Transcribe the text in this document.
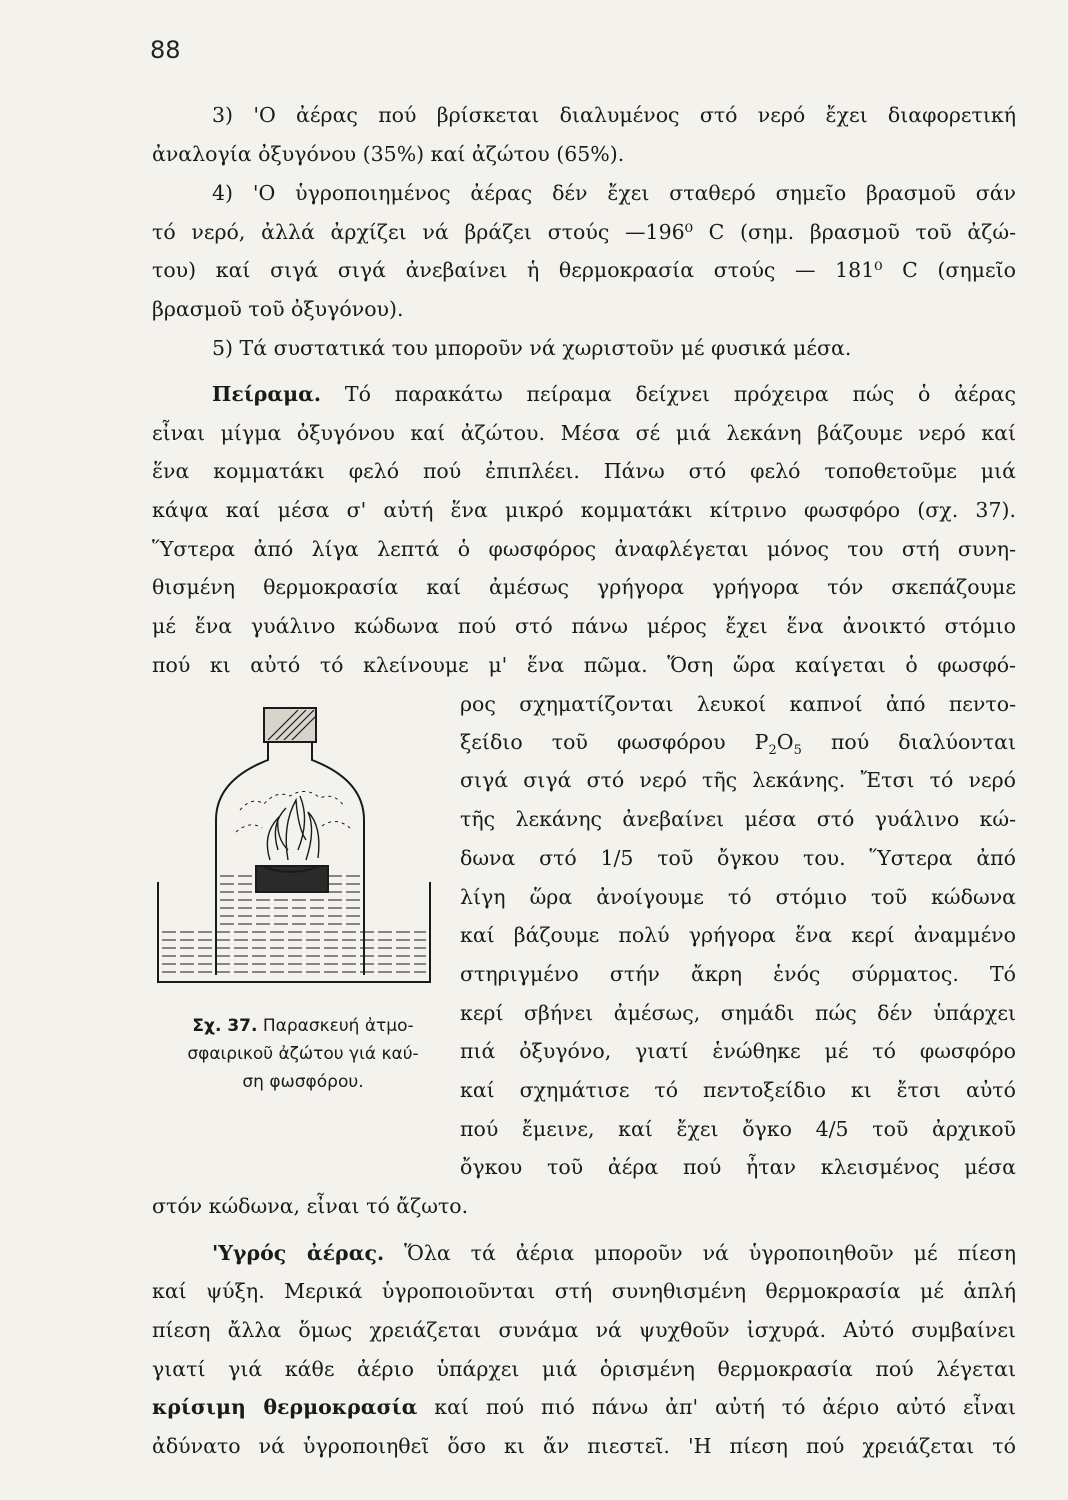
88
3) 'Ο ἀέρας πού βρίσκεται διαλυμένος στό νερό ἔχει διαφορετική
ἀναλογία ὀξυγόνου (35%) καί ἀζώτου (65%).
4) 'Ο ὑγροποιημένος ἀέρας δέν ἔχει σταθερό σημεῖο βρασμοῦ σάν
τό νερό, ἀλλά ἀρχίζει νά βράζει στούς —196⁰ C (σημ. βρασμοῦ τοῦ ἀζώ-
του) καί σιγά σιγά ἀνεβαίνει ἡ θερμοκρασία στούς — 181⁰ C (σημεῖο
βρασμοῦ τοῦ ὀξυγόνου).
5) Τά συστατικά του μποροῦν νά χωριστοῦν μέ φυσικά μέσα.
Πείραμα. Τό παρακάτω πείραμα δείχνει πρόχειρα πώς ὁ ἀέρας
εἶναι μίγμα ὀξυγόνου καί ἀζώτου. Μέσα σέ μιά λεκάνη βάζουμε νερό καί
ἕνα κομματάκι φελό πού ἐπιπλέει. Πάνω στό φελό τοποθετοῦμε μιά
κάψα καί μέσα σ' αὐτή ἕνα μικρό κομματάκι κίτρινο φωσφόρο (σχ. 37).
Ὕστερα ἀπό λίγα λεπτά ὁ φωσφόρος ἀναφλέγεται μόνος του στή συνη-
θισμένη θερμοκρασία καί ἀμέσως γρήγορα γρήγορα τόν σκεπάζουμε
μέ ἕνα γυάλινο κώδωνα πού στό πάνω μέρος ἔχει ἕνα ἀνοικτό στόμιο
πού κι αὐτό τό κλείνουμε μ' ἕνα πῶμα. Ὅση ὥρα καίγεται ὁ φωσφό-
ρος σχηματίζονται λευκοί καπνοί ἀπό πεντο-
ξείδιο τοῦ φωσφόρου $P_2O_5$ πού διαλύονται
σιγά σιγά στό νερό τῆς λεκάνης. Ἔτσι τό νερό
τῆς λεκάνης ἀνεβαίνει μέσα στό γυάλινο κώ-
δωνα στό 1/5 τοῦ ὄγκου του. Ὕστερα ἀπό
λίγη ὥρα ἀνοίγουμε τό στόμιο τοῦ κώδωνα
καί βάζουμε πολύ γρήγορα ἕνα κερί ἀναμμένο
στηριγμένο στήν ἄκρη ἑνός σύρματος. Τό
κερί σβήνει ἀμέσως, σημάδι πώς δέν ὑπάρχει
πιά ὀξυγόνο, γιατί ἑνώθηκε μέ τό φωσφόρο
καί σχημάτισε τό πεντοξείδιο κι ἔτσι αὐτό
πού ἔμεινε, καί ἔχει ὄγκο 4/5 τοῦ ἀρχικοῦ
ὄγκου τοῦ ἀέρα πού ἦταν κλεισμένος μέσα
στόν κώδωνα, εἶναι τό ἄζωτο.
'Υγρός ἀέρας. Ὅλα τά ἀέρια μποροῦν νά ὑγροποιηθοῦν μέ πίεση
καί ψύξη. Μερικά ὑγροποιοῦνται στή συνηθισμένη θερμοκρασία μέ ἁπλή
πίεση ἄλλα ὅμως χρειάζεται συνάμα νά ψυχθοῦν ἰσχυρά. Αὐτό συμβαίνει
γιατί γιά κάθε ἀέριο ὑπάρχει μιά ὁρισμένη θερμοκρασία πού λέγεται
κρίσιμη θερμοκρασία καί πού πιό πάνω ἀπ' αὐτή τό ἀέριο αὐτό εἶναι
ἀδύνατο νά ὑγροποιηθεῖ ὅσο κι ἄν πιεστεῖ. 'Η πίεση πού χρειάζεται τό
Σχ. 37. Παρασκευή ἀτμο-
σφαιρικοῦ ἀζώτου γιά καύ-
ση φωσφόρου.
